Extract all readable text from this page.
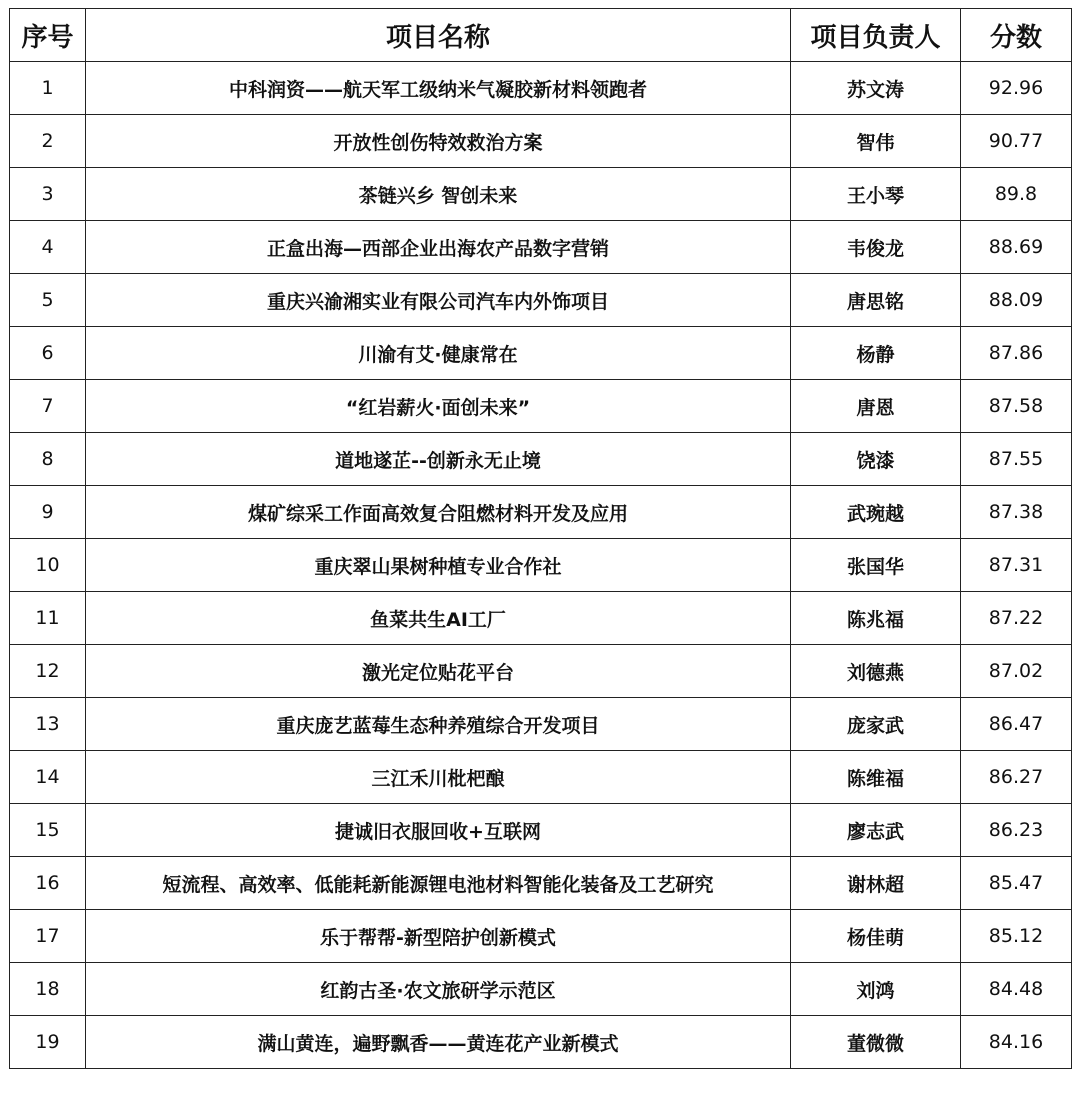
序号	项目名称	项目负责人	分数
1	中科润资——航天军工级纳米气凝胶新材料领跑者	苏文涛	92.96
2	开放性创伤特效救治方案	智伟	90.77
3	茶链兴乡 智创未来	王小琴	89.8
4	正盒出海—西部企业出海农产品数字营销	韦俊龙	88.69
5	重庆兴渝湘实业有限公司汽车内外饰项目	唐思铭	88.09
6	川渝有艾·健康常在	杨静	87.86
7	“红岩薪火·面创未来”	唐恩	87.58
8	道地遂芷--创新永无止境	饶漆	87.55
9	煤矿综采工作面高效复合阻燃材料开发及应用	武琬越	87.38
10	重庆翠山果树种植专业合作社	张国华	87.31
11	鱼菜共生AI工厂	陈兆福	87.22
12	激光定位贴花平台	刘德燕	87.02
13	重庆庞艺蓝莓生态种养殖综合开发项目	庞家武	86.47
14	三江禾川枇杷酿	陈维福	86.27
15	捷诚旧衣服回收+互联网	廖志武	86.23
16	短流程、高效率、低能耗新能源锂电池材料智能化装备及工艺研究	谢林超	85.47
17	乐于帮帮-新型陪护创新模式	杨佳萌	85.12
18	红韵古圣·农文旅研学示范区	刘鸿	84.48
19	满山黄连，遍野飘香——黄连花产业新模式	董微微	84.16
